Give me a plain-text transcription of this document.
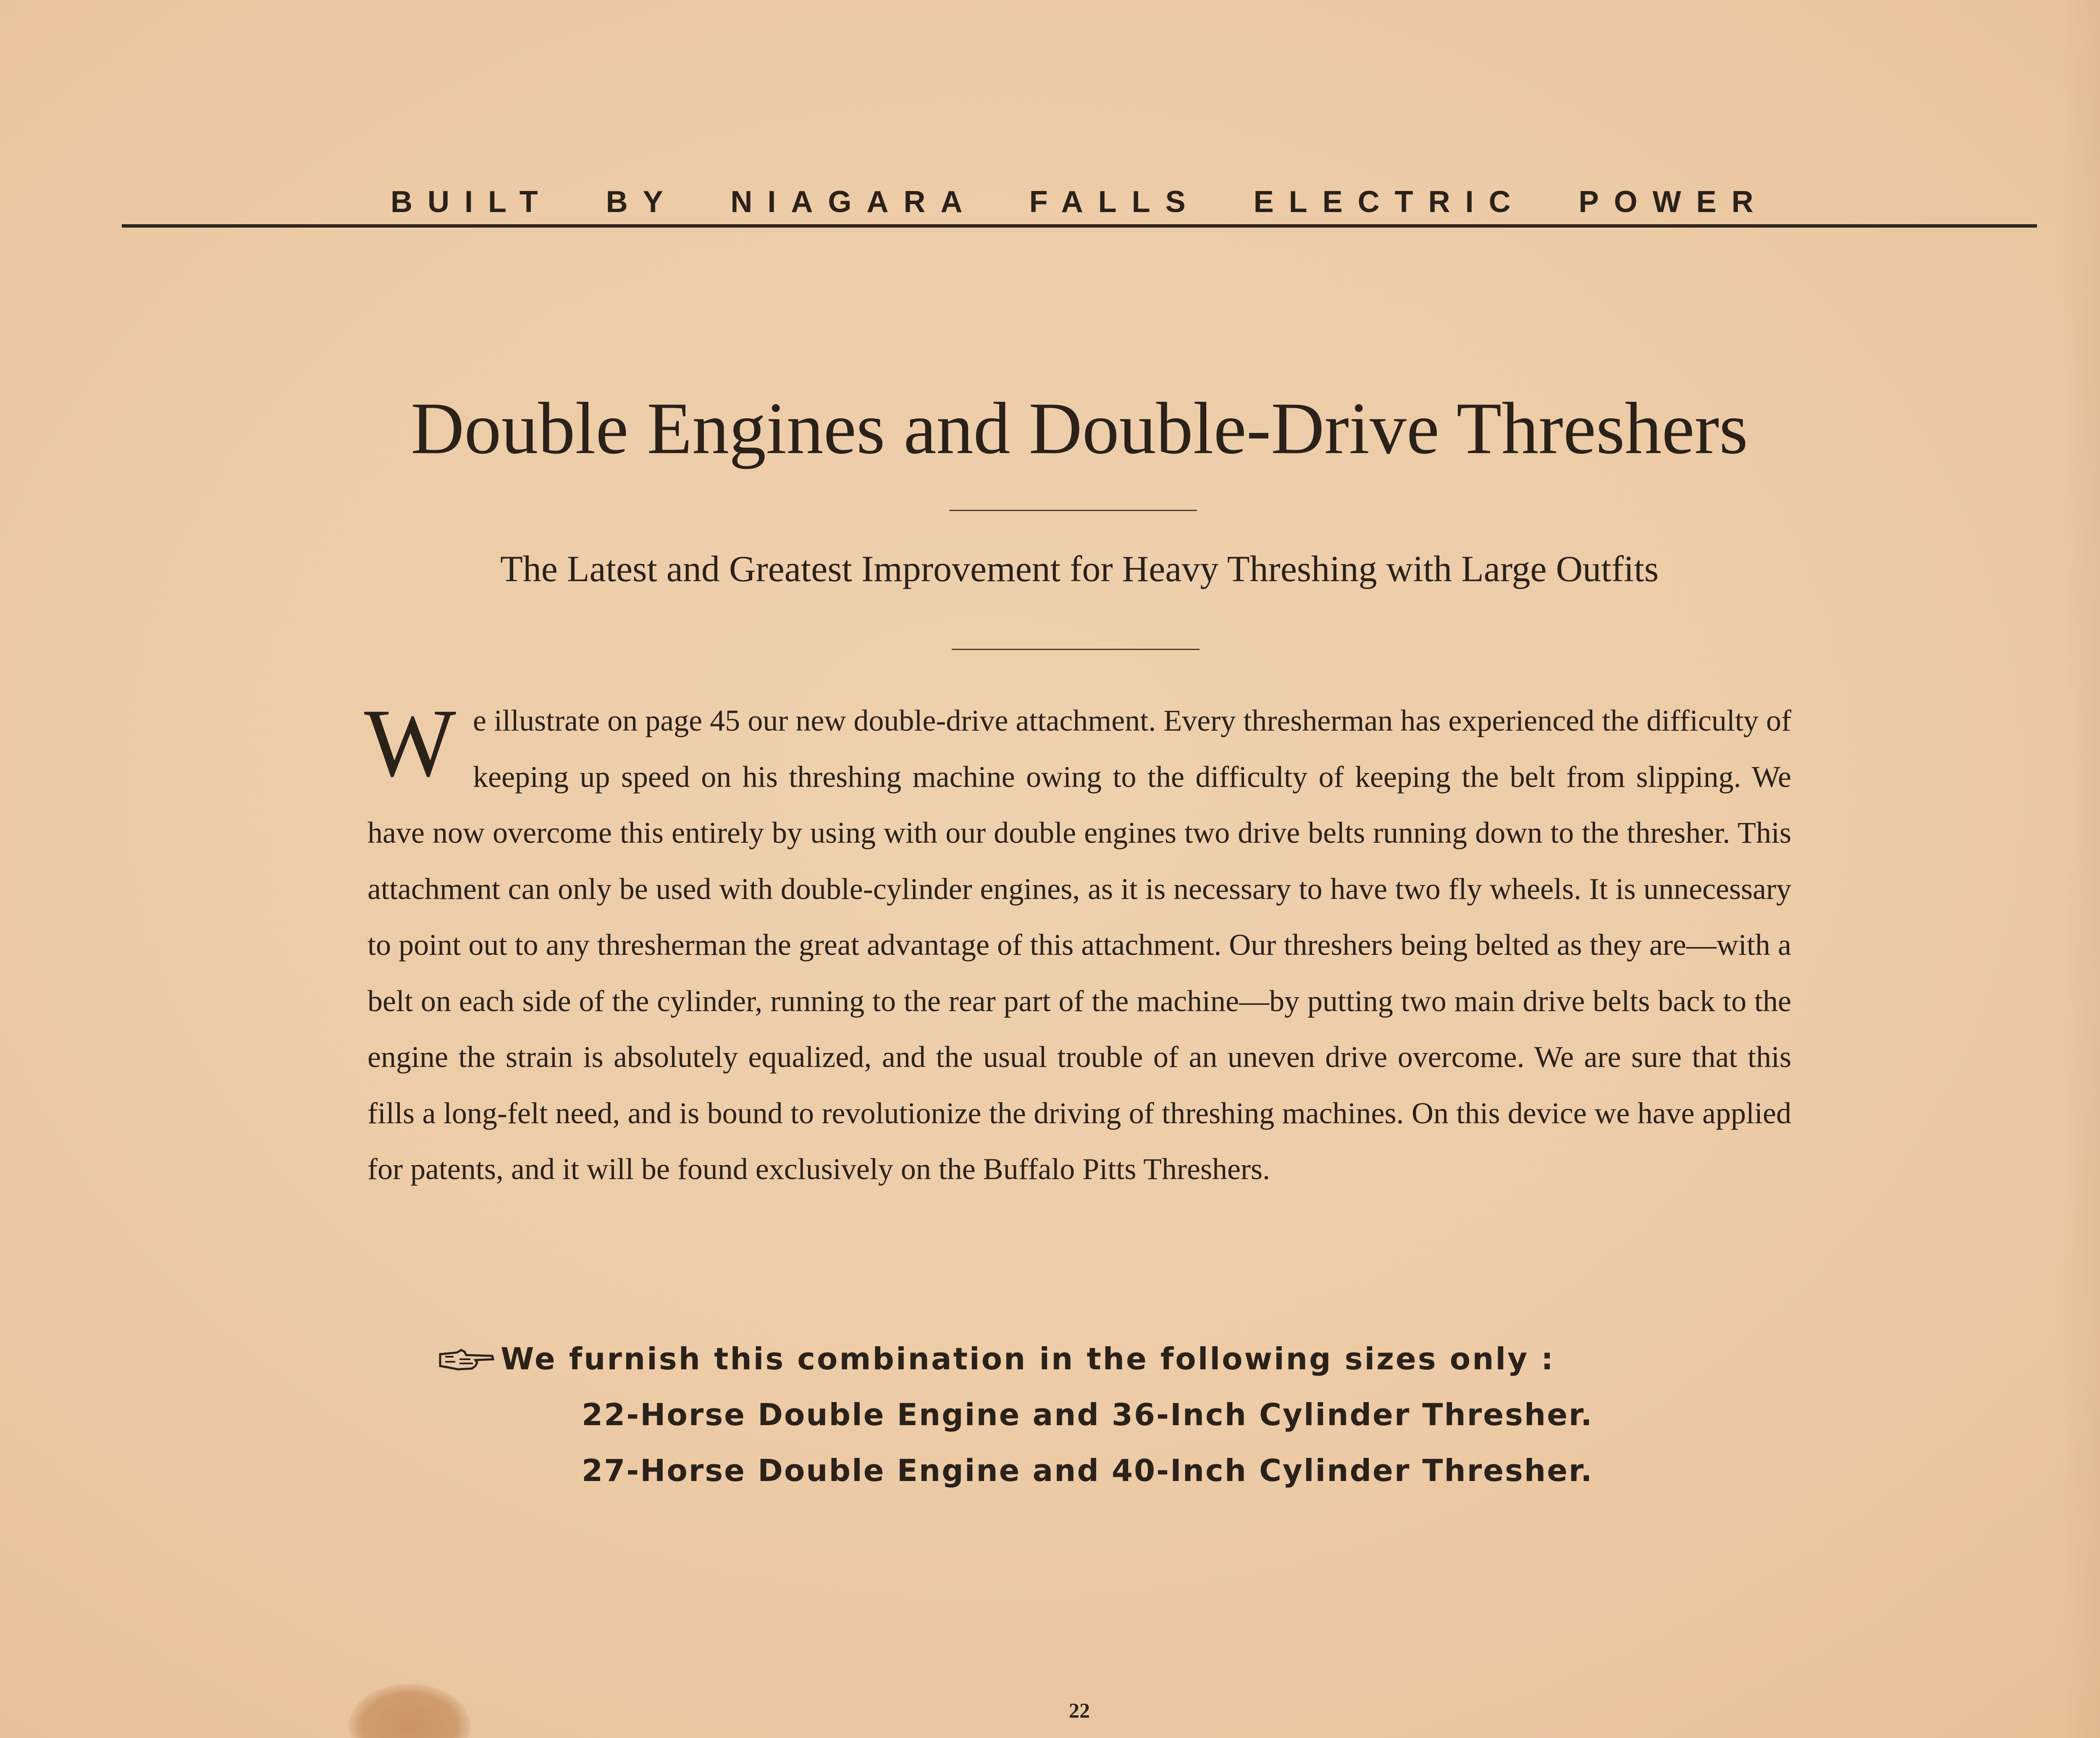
BUILT BY NIAGARA FALLS ELECTRIC POWER
Double Engines and Double-Drive Threshers
The Latest and Greatest Improvement for Heavy Threshing with Large Outfits
We illustrate on page 45 our new double-drive attachment. Every thresherman has experienced the difficulty of keeping up speed on his threshing machine owing to the difficulty of keeping the belt from slipping. We have now overcome this entirely by using with our double engines two drive belts running down to the thresher. This attachment can only be used with double-cylinder engines, as it is necessary to have two fly wheels. It is unnecessary to point out to any thresherman the great advantage of this attachment. Our threshers being belted as they are—with a belt on each side of the cylinder, running to the rear part of the machine—by putting two main drive belts back to the engine the strain is absolutely equalized, and the usual trouble of an uneven drive overcome. We are sure that this fills a long-felt need, and is bound to revolutionize the driving of threshing machines. On this device we have applied for patents, and it will be found exclusively on the Buffalo Pitts Threshers.
We furnish this combination in the following sizes only :
22-Horse Double Engine and 36-Inch Cylinder Thresher.
27-Horse Double Engine and 40-Inch Cylinder Thresher.
22
